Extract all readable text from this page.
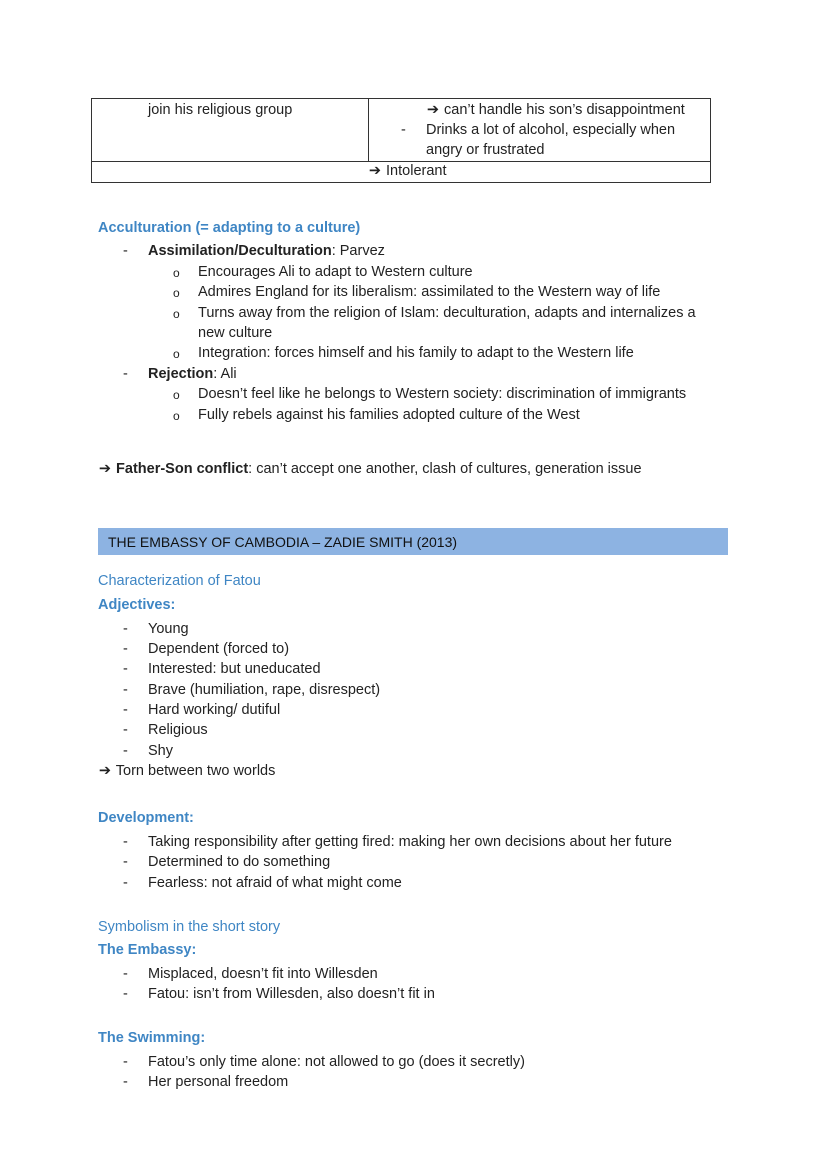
join his religious group	➔ can’t handle his son’s disappointment
- Drinks a lot of alcohol, especially when
angry or frustrated
➔ Intolerant
Acculturation (= adapting to a culture)
- Assimilation/Deculturation: Parvez
o Encourages Ali to adapt to Western culture
o Admires England for its liberalism: assimilated to the Western way of life
o Turns away from the religion of Islam: deculturation, adapts and internalizes a
new culture
o Integration: forces himself and his family to adapt to the Western life
- Rejection: Ali
o Doesn’t feel like he belongs to Western society: discrimination of immigrants
o Fully rebels against his families adopted culture of the West
➔ Father-Son conflict: can’t accept one another, clash of cultures, generation issue
THE EMBASSY OF CAMBODIA – ZADIE SMITH (2013)
Characterization of Fatou
Adjectives:
- Young
- Dependent (forced to)
- Interested: but uneducated
- Brave (humiliation, rape, disrespect)
- Hard working/ dutiful
- Religious
- Shy
➔ Torn between two worlds
Development:
- Taking responsibility after getting fired: making her own decisions about her future
- Determined to do something
- Fearless: not afraid of what might come
Symbolism in the short story
The Embassy:
- Misplaced, doesn’t fit into Willesden
- Fatou: isn’t from Willesden, also doesn’t fit in
The Swimming:
- Fatou’s only time alone: not allowed to go (does it secretly)
- Her personal freedom
